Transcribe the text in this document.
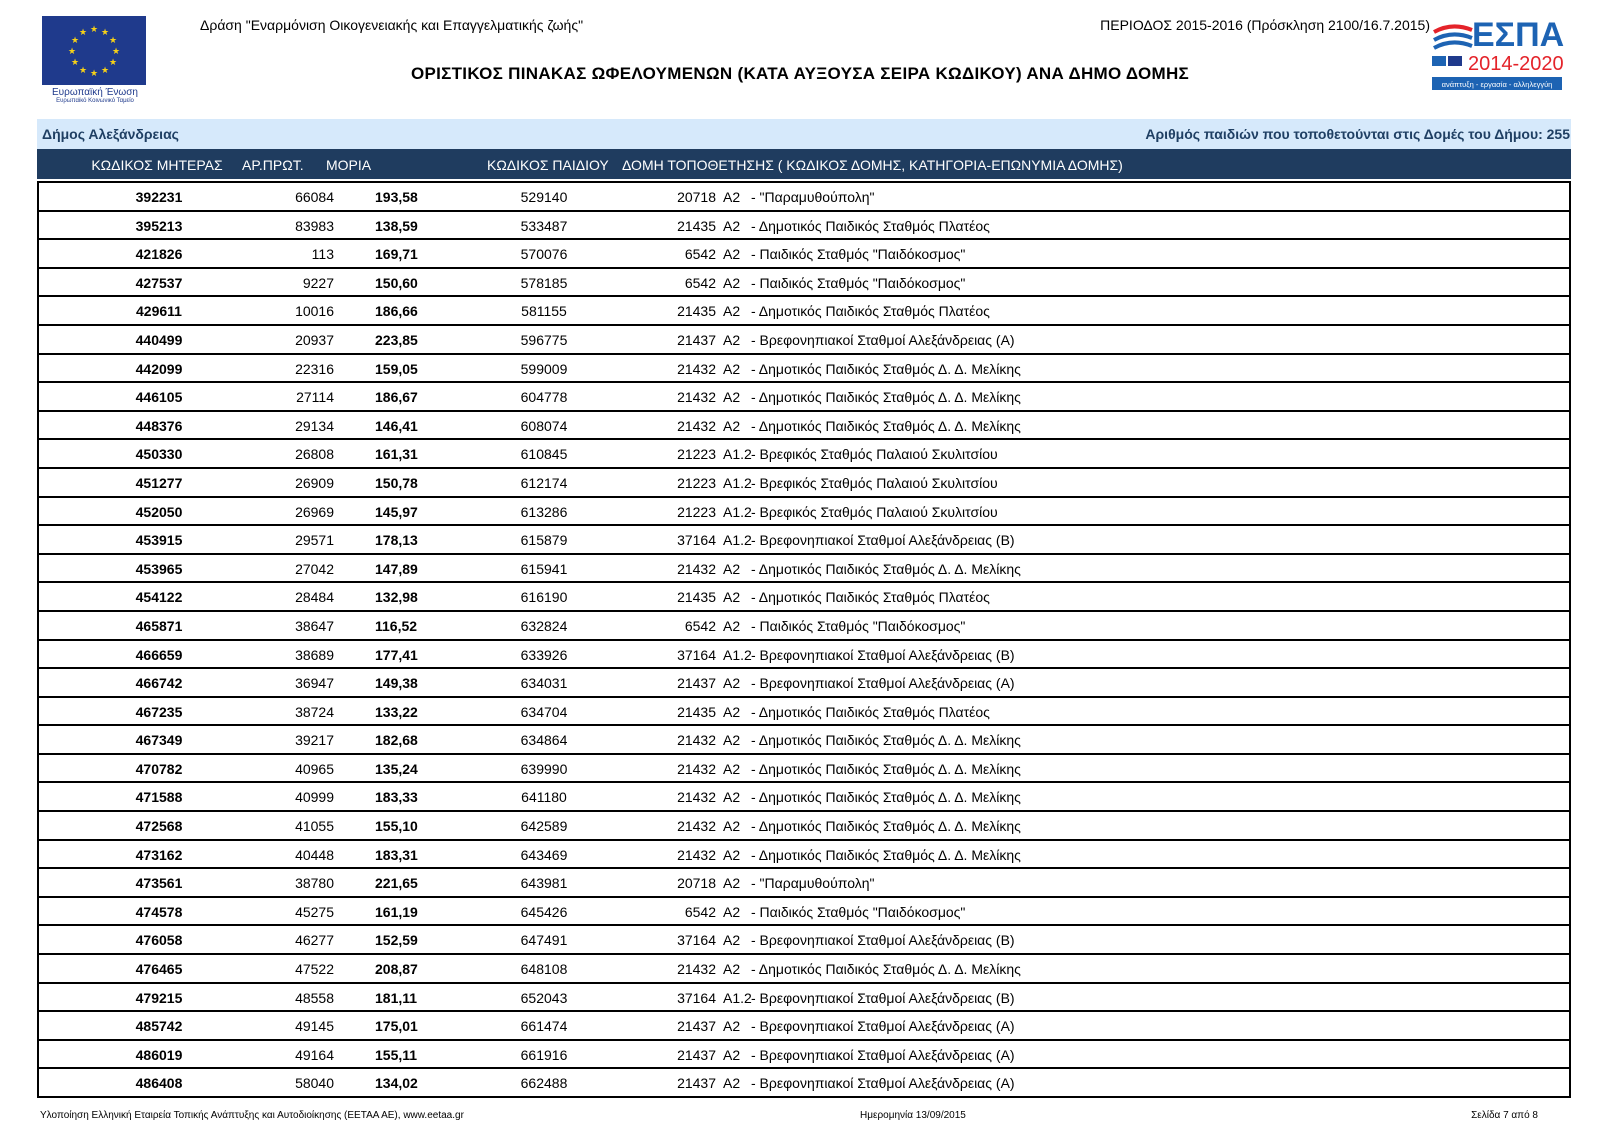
★ ★
★
★
★
★
★
★
★
★
★
★
Ευρωπαϊκή Ένωση
Ευρωπαϊκό Κοινωνικό Ταμείο
Δράση "Εναρμόνιση Οικογενειακής και Επαγγελματικής ζωής"	ΠΕΡΙΟΔΟΣ 2015-2016 (Πρόσκληση 2100/16.7.2015) ΕΣΠΑ
2014-2020
ανάπτυξη - εργασία - αλληλεγγύη
ΟΡΙΣΤΙΚΟΣ ΠΙΝΑΚΑΣ ΩΦΕΛΟΥΜΕΝΩΝ (ΚΑΤΑ ΑΥΞΟΥΣΑ ΣΕΙΡΑ ΚΩΔΙΚΟΥ) ΑΝΑ ΔΗΜΟ ΔΟΜΗΣ
Δήμος Αλεξάνδρειας	Αριθμός παιδιών που τοποθετούνται στις Δομές του Δήμου: 255
ΚΩΔΙΚΟΣ ΜΗΤΕΡΑΣ	ΑΡ.ΠΡΩΤ. ΜΟΡΙΑ	ΚΩΔΙΚΟΣ ΠΑΙΔΙΟΥ ΔΟΜΗ ΤΟΠΟΘΕΤΗΣΗΣ ( ΚΩΔΙΚΟΣ ΔΟΜΗΣ, ΚΑΤΗΓΟΡΙΑ-ΕΠΩΝΥΜΙΑ ΔΟΜΗΣ)
392231	66084	193,58	529140	20718 A2 - "Παραμυθούπολη"
395213	83983	138,59	533487	21435 A2 - Δημοτικός Παιδικός Σταθμός Πλατέος
421826	113	169,71	570076	6542 A2 - Παιδικός Σταθμός "Παιδόκοσμος"
427537	9227	150,60	578185	6542 A2 - Παιδικός Σταθμός "Παιδόκοσμος"
429611	10016	186,66	581155	21435 A2 - Δημοτικός Παιδικός Σταθμός Πλατέος
440499	20937	223,85	596775	21437 A2 - Βρεφονηπιακοί Σταθμοί Αλεξάνδρειας (Α)
442099	22316	159,05	599009	21432 A2 - Δημοτικός Παιδικός Σταθμός Δ. Δ. Μελίκης
446105	27114	186,67	604778	21432 A2 - Δημοτικός Παιδικός Σταθμός Δ. Δ. Μελίκης
448376	29134	146,41	608074	21432 A2 - Δημοτικός Παιδικός Σταθμός Δ. Δ. Μελίκης
450330	26808	161,31	610845	21223 A1.2 - Βρεφικός Σταθμός Παλαιού Σκυλιτσίου
451277	26909	150,78	612174	21223 A1.2 - Βρεφικός Σταθμός Παλαιού Σκυλιτσίου
452050	26969	145,97	613286	21223 A1.2 - Βρεφικός Σταθμός Παλαιού Σκυλιτσίου
453915	29571	178,13	615879	37164 A1.2 - Βρεφονηπιακοί Σταθμοί Αλεξάνδρειας (Β)
453965	27042	147,89	615941	21432 A2 - Δημοτικός Παιδικός Σταθμός Δ. Δ. Μελίκης
454122	28484	132,98	616190	21435 A2 - Δημοτικός Παιδικός Σταθμός Πλατέος
465871	38647	116,52	632824	6542 A2 - Παιδικός Σταθμός "Παιδόκοσμος"
466659	38689	177,41	633926	37164 A1.2 - Βρεφονηπιακοί Σταθμοί Αλεξάνδρειας (Β)
466742	36947	149,38	634031	21437 A2 - Βρεφονηπιακοί Σταθμοί Αλεξάνδρειας (Α)
467235	38724	133,22	634704	21435 A2 - Δημοτικός Παιδικός Σταθμός Πλατέος
467349	39217	182,68	634864	21432 A2 - Δημοτικός Παιδικός Σταθμός Δ. Δ. Μελίκης
470782	40965	135,24	639990	21432 A2 - Δημοτικός Παιδικός Σταθμός Δ. Δ. Μελίκης
471588	40999	183,33	641180	21432 A2 - Δημοτικός Παιδικός Σταθμός Δ. Δ. Μελίκης
472568	41055	155,10	642589	21432 A2 - Δημοτικός Παιδικός Σταθμός Δ. Δ. Μελίκης
473162	40448	183,31	643469	21432 A2 - Δημοτικός Παιδικός Σταθμός Δ. Δ. Μελίκης
473561	38780	221,65	643981	20718 A2 - "Παραμυθούπολη"
474578	45275	161,19	645426	6542 A2 - Παιδικός Σταθμός "Παιδόκοσμος"
476058	46277	152,59	647491	37164 A2 - Βρεφονηπιακοί Σταθμοί Αλεξάνδρειας (Β)
476465	47522	208,87	648108	21432 A2 - Δημοτικός Παιδικός Σταθμός Δ. Δ. Μελίκης
479215	48558	181,11	652043	37164 A1.2 - Βρεφονηπιακοί Σταθμοί Αλεξάνδρειας (Β)
485742	49145	175,01	661474	21437 A2 - Βρεφονηπιακοί Σταθμοί Αλεξάνδρειας (Α)
486019	49164	155,11	661916	21437 A2 - Βρεφονηπιακοί Σταθμοί Αλεξάνδρειας (Α)
486408	58040	134,02	662488	21437 A2 - Βρεφονηπιακοί Σταθμοί Αλεξάνδρειας (Α)
Υλοποίηση Ελληνική Εταιρεία Τοπικής Ανάπτυξης και Αυτοδιοίκησης (ΕΕΤΑΑ ΑΕ), www.eetaa.gr	Ημερομηνία 13/09/2015	Σελίδα 7 από 8
